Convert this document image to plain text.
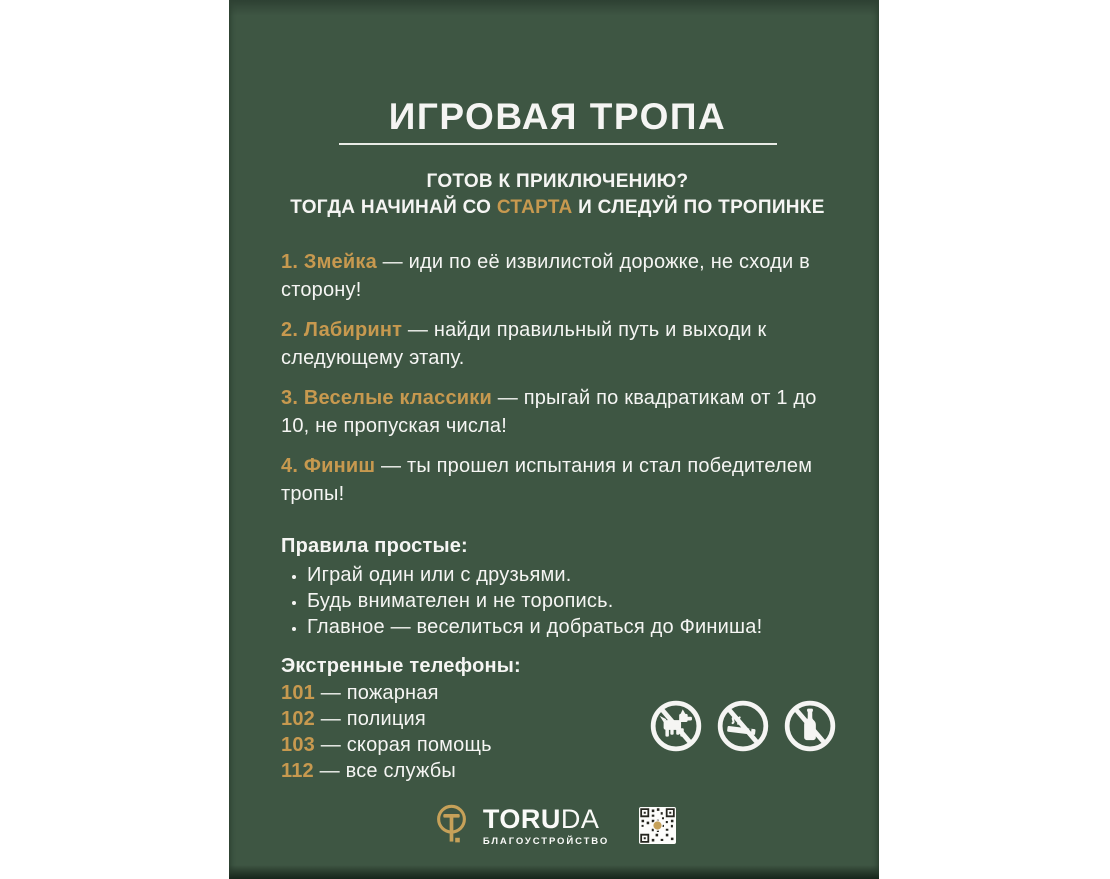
ИГРОВАЯ ТРОПА
ГОТОВ К ПРИКЛЮЧЕНИЮ?
ТОГДА НАЧИНАЙ СО СТАРТА И СЛЕДУЙ ПО ТРОПИНКЕ
1. Змейка — иди по её извилистой дорожке, не сходи в сторону!
2. Лабиринт — найди правильный путь и выходи к следующему этапу.
3. Веселые классики — прыгай по квадратикам от 1 до 10, не пропуская числа!
4. Финиш — ты прошел испытания и стал победителем тропы!
Правила простые:
• Играй один или с друзьями.
• Будь внимателен и не торопись.
• Главное — веселиться и добраться до Финиша!
Экстренные телефоны:
101 — пожарная
102 — полиция
103 — скорая помощь
112 — все службы
TORUDA
БЛАГОУСТРОЙСТВО
